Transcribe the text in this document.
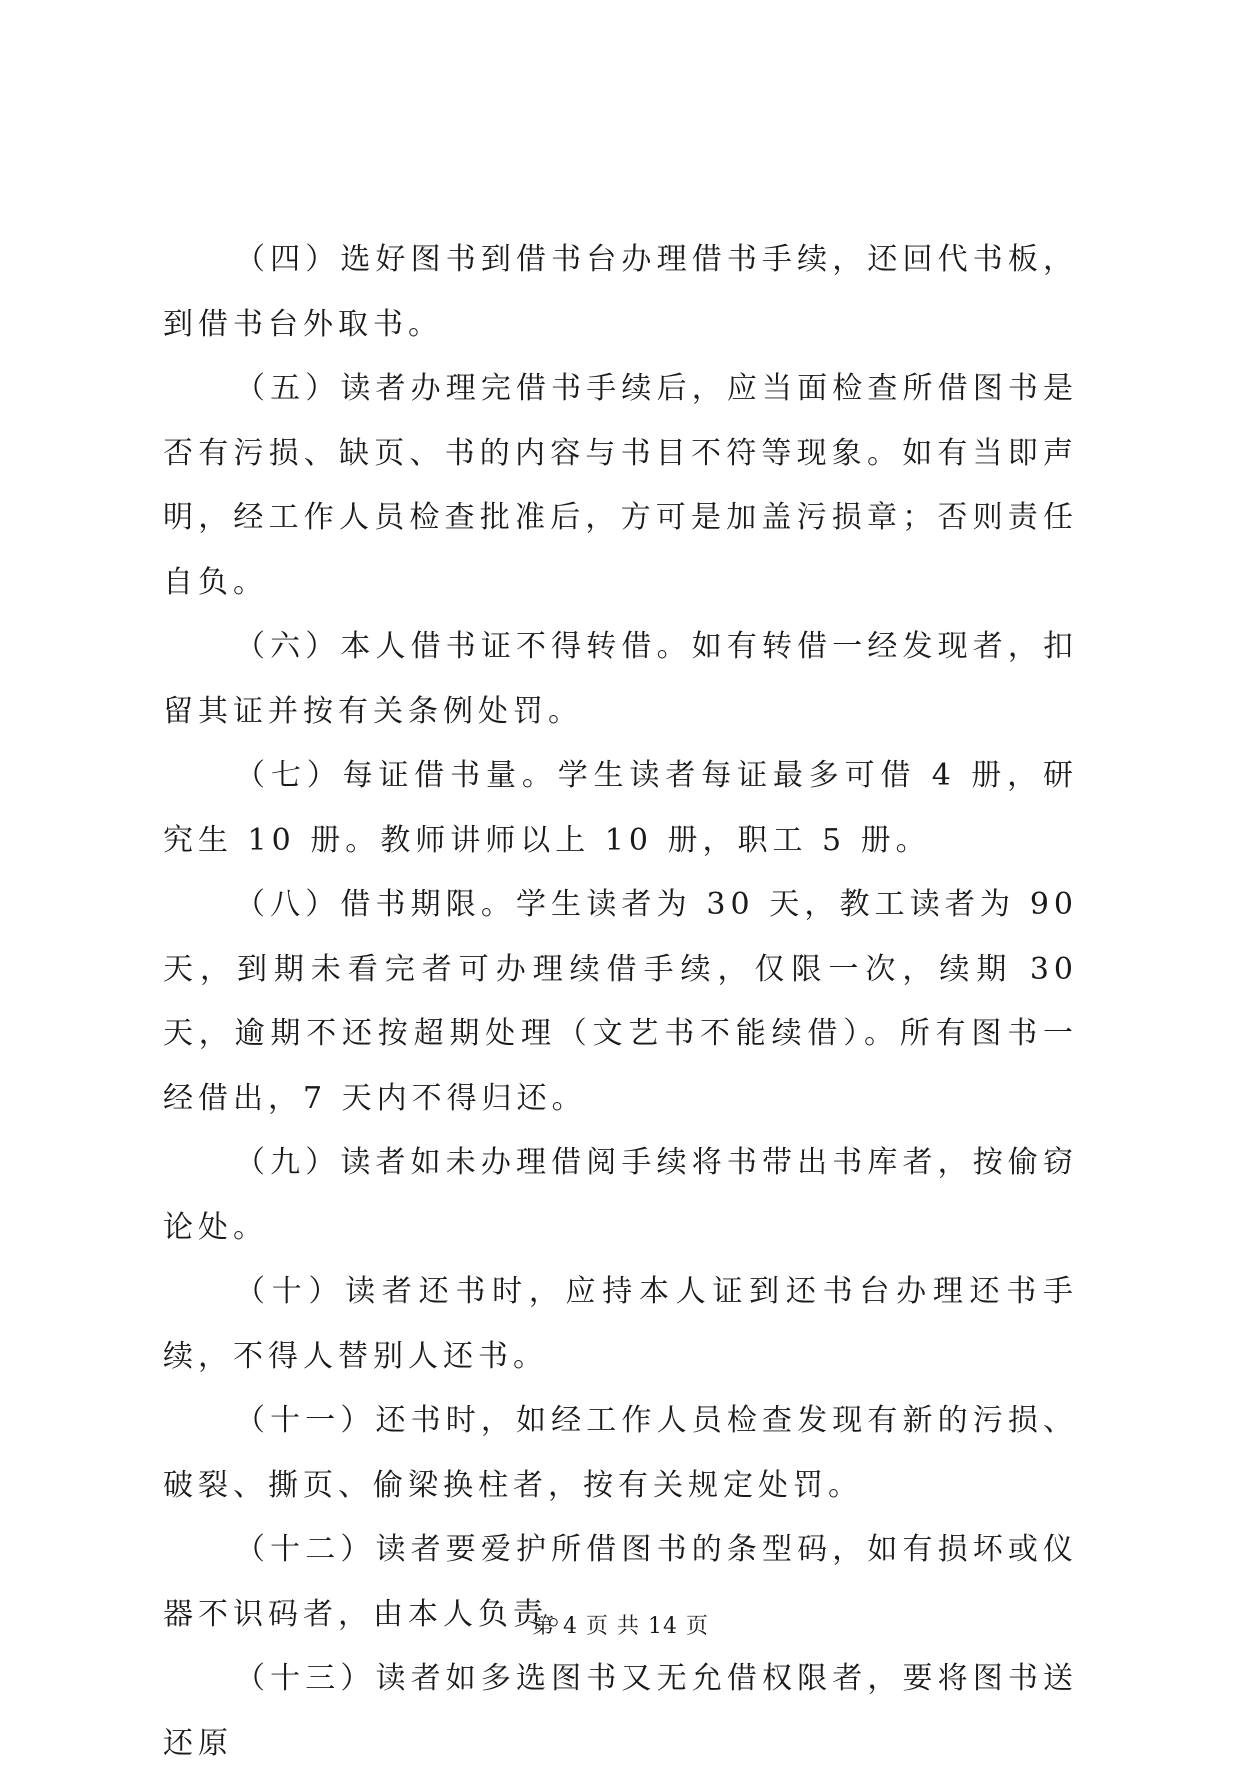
（四）选好图书到借书台办理借书手续，还回代书板，到借书台外取书。

（五）读者办理完借书手续后，应当面检查所借图书是否有污损、缺页、书的内容与书目不符等现象。如有当即声明，经工作人员检查批准后，方可是加盖污损章；否则责任自负。

（六）本人借书证不得转借。如有转借一经发现者，扣留其证并按有关条例处罚。

（七）每证借书量。学生读者每证最多可借 4 册，研究生 10 册。教师讲师以上 10 册，职工 5 册。

（八）借书期限。学生读者为 30 天，教工读者为 90 天，到期未看完者可办理续借手续，仅限一次，续期 30 天，逾期不还按超期处理（文艺书不能续借）。所有图书一经借出，7 天内不得归还。

（九）读者如未办理借阅手续将书带出书库者，按偷窃论处。

（十）读者还书时，应持本人证到还书台办理还书手续，不得人替别人还书。

（十一）还书时，如经工作人员检查发现有新的污损、破裂、撕页、偷梁换柱者，按有关规定处罚。

（十二）读者要爱护所借图书的条型码，如有损坏或仪器不识码者，由本人负责。

（十三）读者如多选图书又无允借权限者，要将图书送还原

第 4 页 共 14 页
